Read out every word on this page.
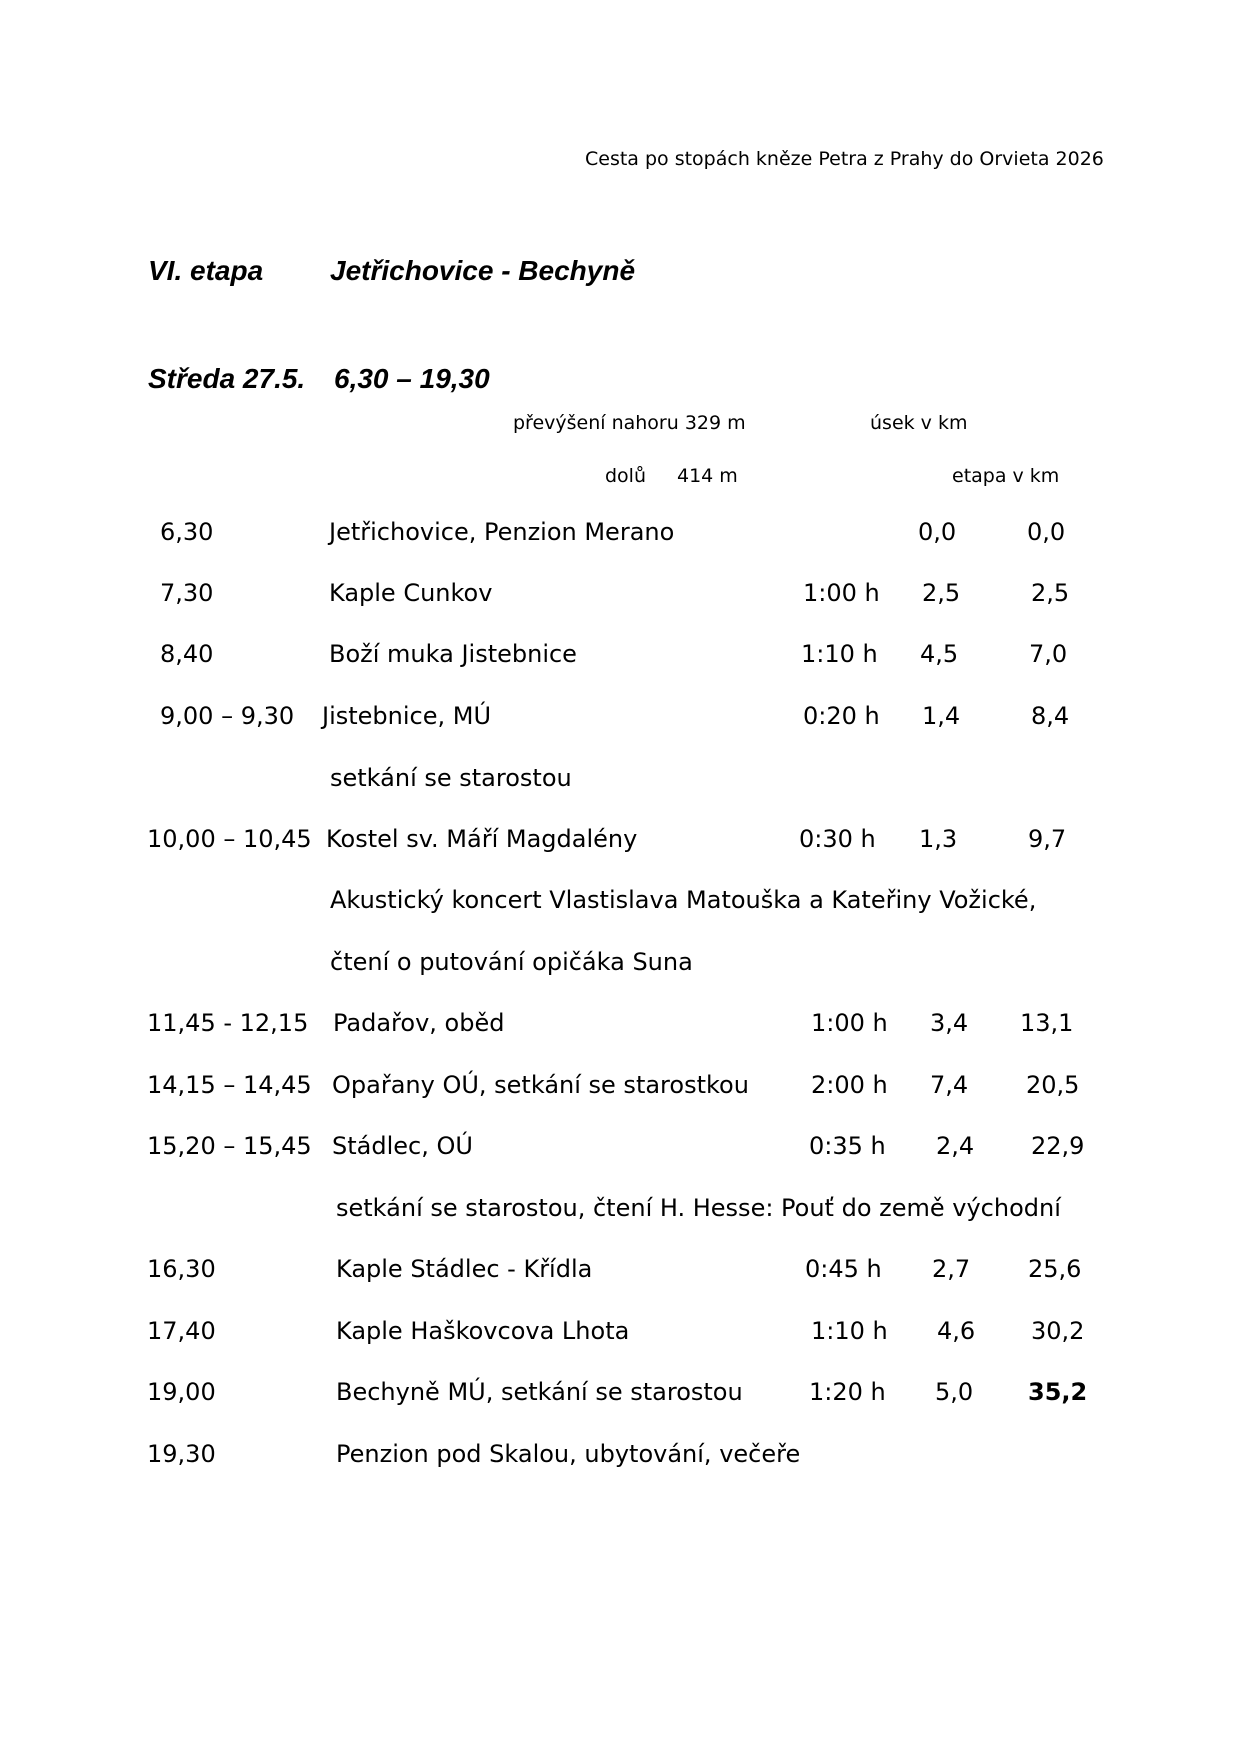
Cesta po stopách kněze Petra z Prahy do Orvieta 2026
VI. etapa Jetřichovice - Bechyně
Středa 27.5. 6,30 – 19,30
převýšení nahoru 329 m	úsek v km
dolů 414 m	etapa v km
6,30	Jetřichovice, Penzion Merano	0,0	0,0
7,30	Kaple Cunkov	1:00 h 2,5	2,5
8,40	Boží muka Jistebnice	1:10 h 4,5	7,0
9,00 – 9,30 Jistebnice, MÚ	0:20 h 1,4	8,4
setkání se starostou
10,00 – 10,45 Kostel sv. Máří Magdalény	0:30 h 1,3	9,7
Akustický koncert Vlastislava Matouška a Kateřiny Vožické,
čtení o putování opičáka Suna
11,45 - 12,15 Padařov, oběd	1:00 h 3,4 13,1
14,15 – 14,45 Opařany OÚ, setkání se starostkou	2:00 h 7,4 20,5
15,20 – 15,45 Stádlec, OÚ	0:35 h 2,4 22,9
setkání se starostou, čtení H. Hesse: Pouť do země východní
16,30	Kaple Stádlec - Křídla	0:45 h 2,7 25,6
17,40	Kaple Haškovcova Lhota	1:10 h 4,6 30,2
19,00	Bechyně MÚ, setkání se starostou	1:20 h 5,0 35,2
19,30	Penzion pod Skalou, ubytování, večeře
